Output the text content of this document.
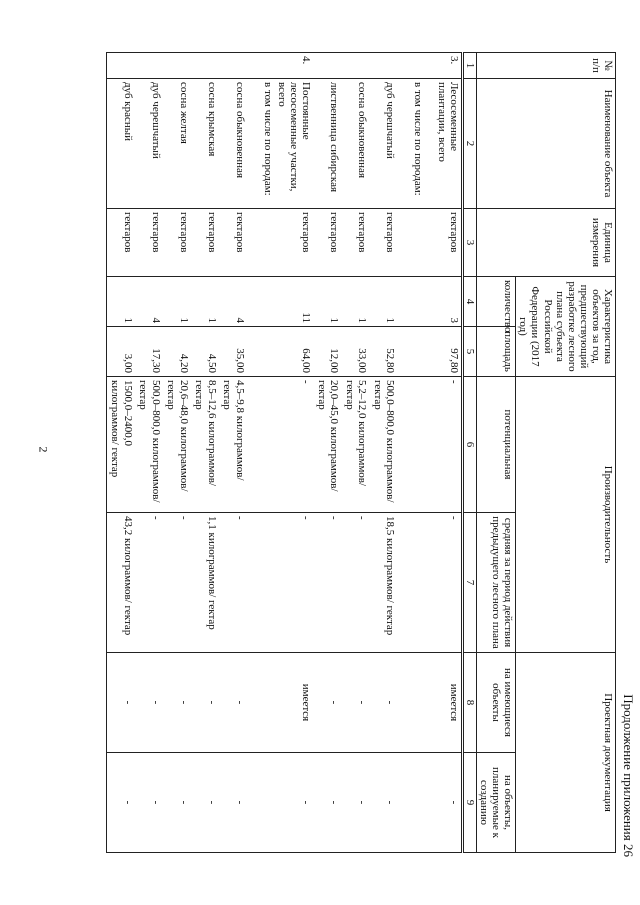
2
Продолжение приложения 26
№ п/п	Наименование объекта	Единица измерения	Характеристика объектов за год, предшествующий разработке лесного плана субъекта Российской Федерации (2017 год)		Производительность		Проектная документация	
			количество	площадь	потенциальная	средняя за период действия предыдущего лесного плана	на имеющиеся объекты	на объекты, планируемые к созданию

1	2	3	4	5	6	7	8	9
3.	Лесосеменные плантации, всего	гектаров	3	97,80	-	-	имеется	-
	в том числе по породам:							
	дуб черешчатый	гектаров	1	52,80	500,0–800,0 килограммов/ гектар	18,5 килограммов/ гектар	-	-
	сосна обыкновенная	гектаров	1	33,00	5,2–12,0 килограммов/ гектар	-	-	-
	лиственница сибирская	гектаров	1	12,00	20,0–45,0 килограммов/ гектар	-	-	-
4.	Постоянные лесосеменные участки, всего	гектаров	11	64,00	-	-	имеется	-
	в том числе по породам:							
	сосна обыкновенная	гектаров	4	35,00	4,5–9,8 килограммов/ гектар	-	-	-
	сосна крымская	гектаров	1	4,50	8,5–12,6 килограммов/ гектар	1,1 килограммов/ гектар	-	-
	сосна желтая	гектаров	1	4,20	20,6–48,0 килограммов/ гектар	-	-	-
	дуб черешчатый	гектаров	4	17,30	500,0–800,0 килограммов/ гектар	-	-	-
	дуб красный	гектаров	1	3,00	1500,0–2400,0 килограммов/ гектар	43,2 килограммов/ гектар	-	-
